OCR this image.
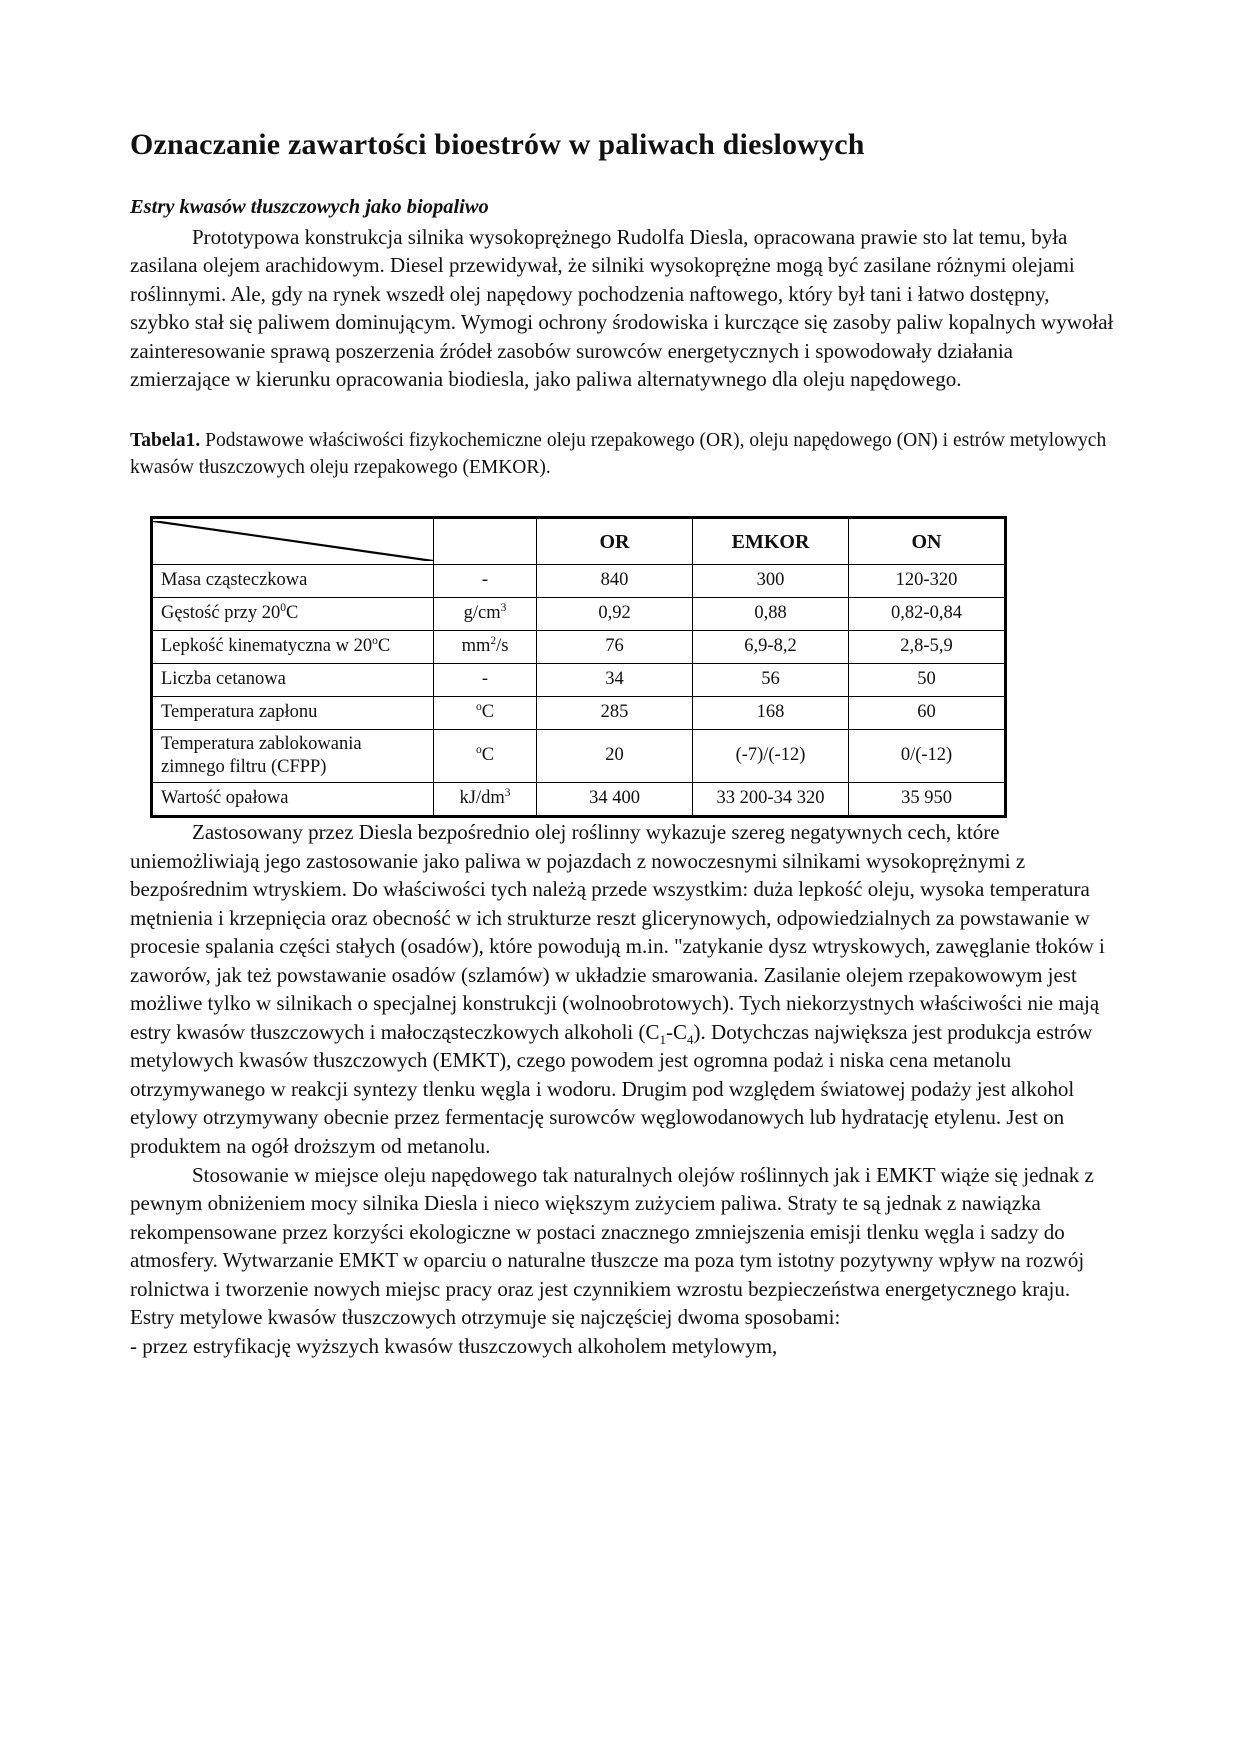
Oznaczanie zawartości bioestrów w paliwach dieslowych
Estry kwasów tłuszczowych jako biopaliwo

Prototypowa konstrukcja silnika wysokoprężnego Rudolfa Diesla, opracowana prawie sto lat temu, była zasilana olejem arachidowym. Diesel przewidywał, że silniki wysokoprężne mogą być zasilane różnymi olejami roślinnymi. Ale, gdy na rynek wszedł olej napędowy pochodzenia naftowego, który był tani i łatwo dostępny, szybko stał się paliwem dominującym. Wymogi ochrony środowiska i kurczące się zasoby paliw kopalnych wywołał zainteresowanie sprawą poszerzenia źródeł zasobów surowców energetycznych i spowodowały działania zmierzające w kierunku opracowania biodiesla, jako paliwa alternatywnego dla oleju napędowego.

Tabela1. Podstawowe właściwości fizykochemiczne oleju rzepakowego (OR), oleju napędowego (ON) i estrów metylowych kwasów tłuszczowych oleju rzepakowego (EMKOR).

		OR	EMKOR	ON
Masa cząsteczkowa	-	840	300	120-320
Gęstość przy $20^0C$	$g/cm^3$	0,92	0,88	0,82-0,84
Lepkość kinematyczna w 20$^o$C	$mm^2/s$	76	6,9-8,2	2,8-5,9
Liczba cetanowa	-	34	56	50
Temperatura zapłonu	$^o$C	285	168	60
Temperatura zablokowania zimnego filtru (CFPP)	$^o$C	20	(-7)/(-12)	0/(-12)
Wartość opałowa	$kJ/dm^3$	34 400	33 200-34 320	35 950

Zastosowany przez Diesla bezpośrednio olej roślinny wykazuje szereg negatywnych cech, które uniemożliwiają jego zastosowanie jako paliwa w pojazdach z nowoczesnymi silnikami wysokoprężnymi z bezpośrednim wtryskiem. Do właściwości tych należą przede wszystkim: duża lepkość oleju, wysoka temperatura mętnienia i krzepnięcia oraz obecność w ich strukturze reszt glicerynowych, odpowiedzialnych za powstawanie w procesie spalania części stałych (osadów), które powodują m.in. "zatykanie dysz wtryskowych, zawęglanie tłoków i zaworów, jak też powstawanie osadów (szlamów) w układzie smarowania. Zasilanie olejem rzepakowowym jest możliwe tylko w silnikach o specjalnej konstrukcji (wolnoobrotowych). Tych niekorzystnych właściwości nie mają estry kwasów tłuszczowych i małocząsteczkowych alkoholi $(C_1-C_4)$. Dotychczas największa jest produkcja estrów metylowych kwasów tłuszczowych (EMKT), czego powodem jest ogromna podaż i niska cena metanolu otrzymywanego w reakcji syntezy tlenku węgla i wodoru. Drugim pod względem światowej podaży jest alkohol etylowy otrzymywany obecnie przez fermentację surowców węglowodanowych lub hydratację etylenu. Jest on produktem na ogół droższym od metanolu.

Stosowanie w miejsce oleju napędowego tak naturalnych olejów roślinnych jak i EMKT wiąże się jednak z pewnym obniżeniem mocy silnika Diesla i nieco większym zużyciem paliwa. Straty te są jednak z nawiązka rekompensowane przez korzyści ekologiczne w postaci znacznego zmniejszenia emisji tlenku węgla i sadzy do atmosfery. Wytwarzanie EMKT w oparciu o naturalne tłuszcze ma poza tym istotny pozytywny wpływ na rozwój rolnictwa i tworzenie nowych miejsc pracy oraz jest czynnikiem wzrostu bezpieczeństwa energetycznego kraju.

Estry metylowe kwasów tłuszczowych otrzymuje się najczęściej dwoma sposobami:

- przez estryfikację wyższych kwasów tłuszczowych alkoholem metylowym,
